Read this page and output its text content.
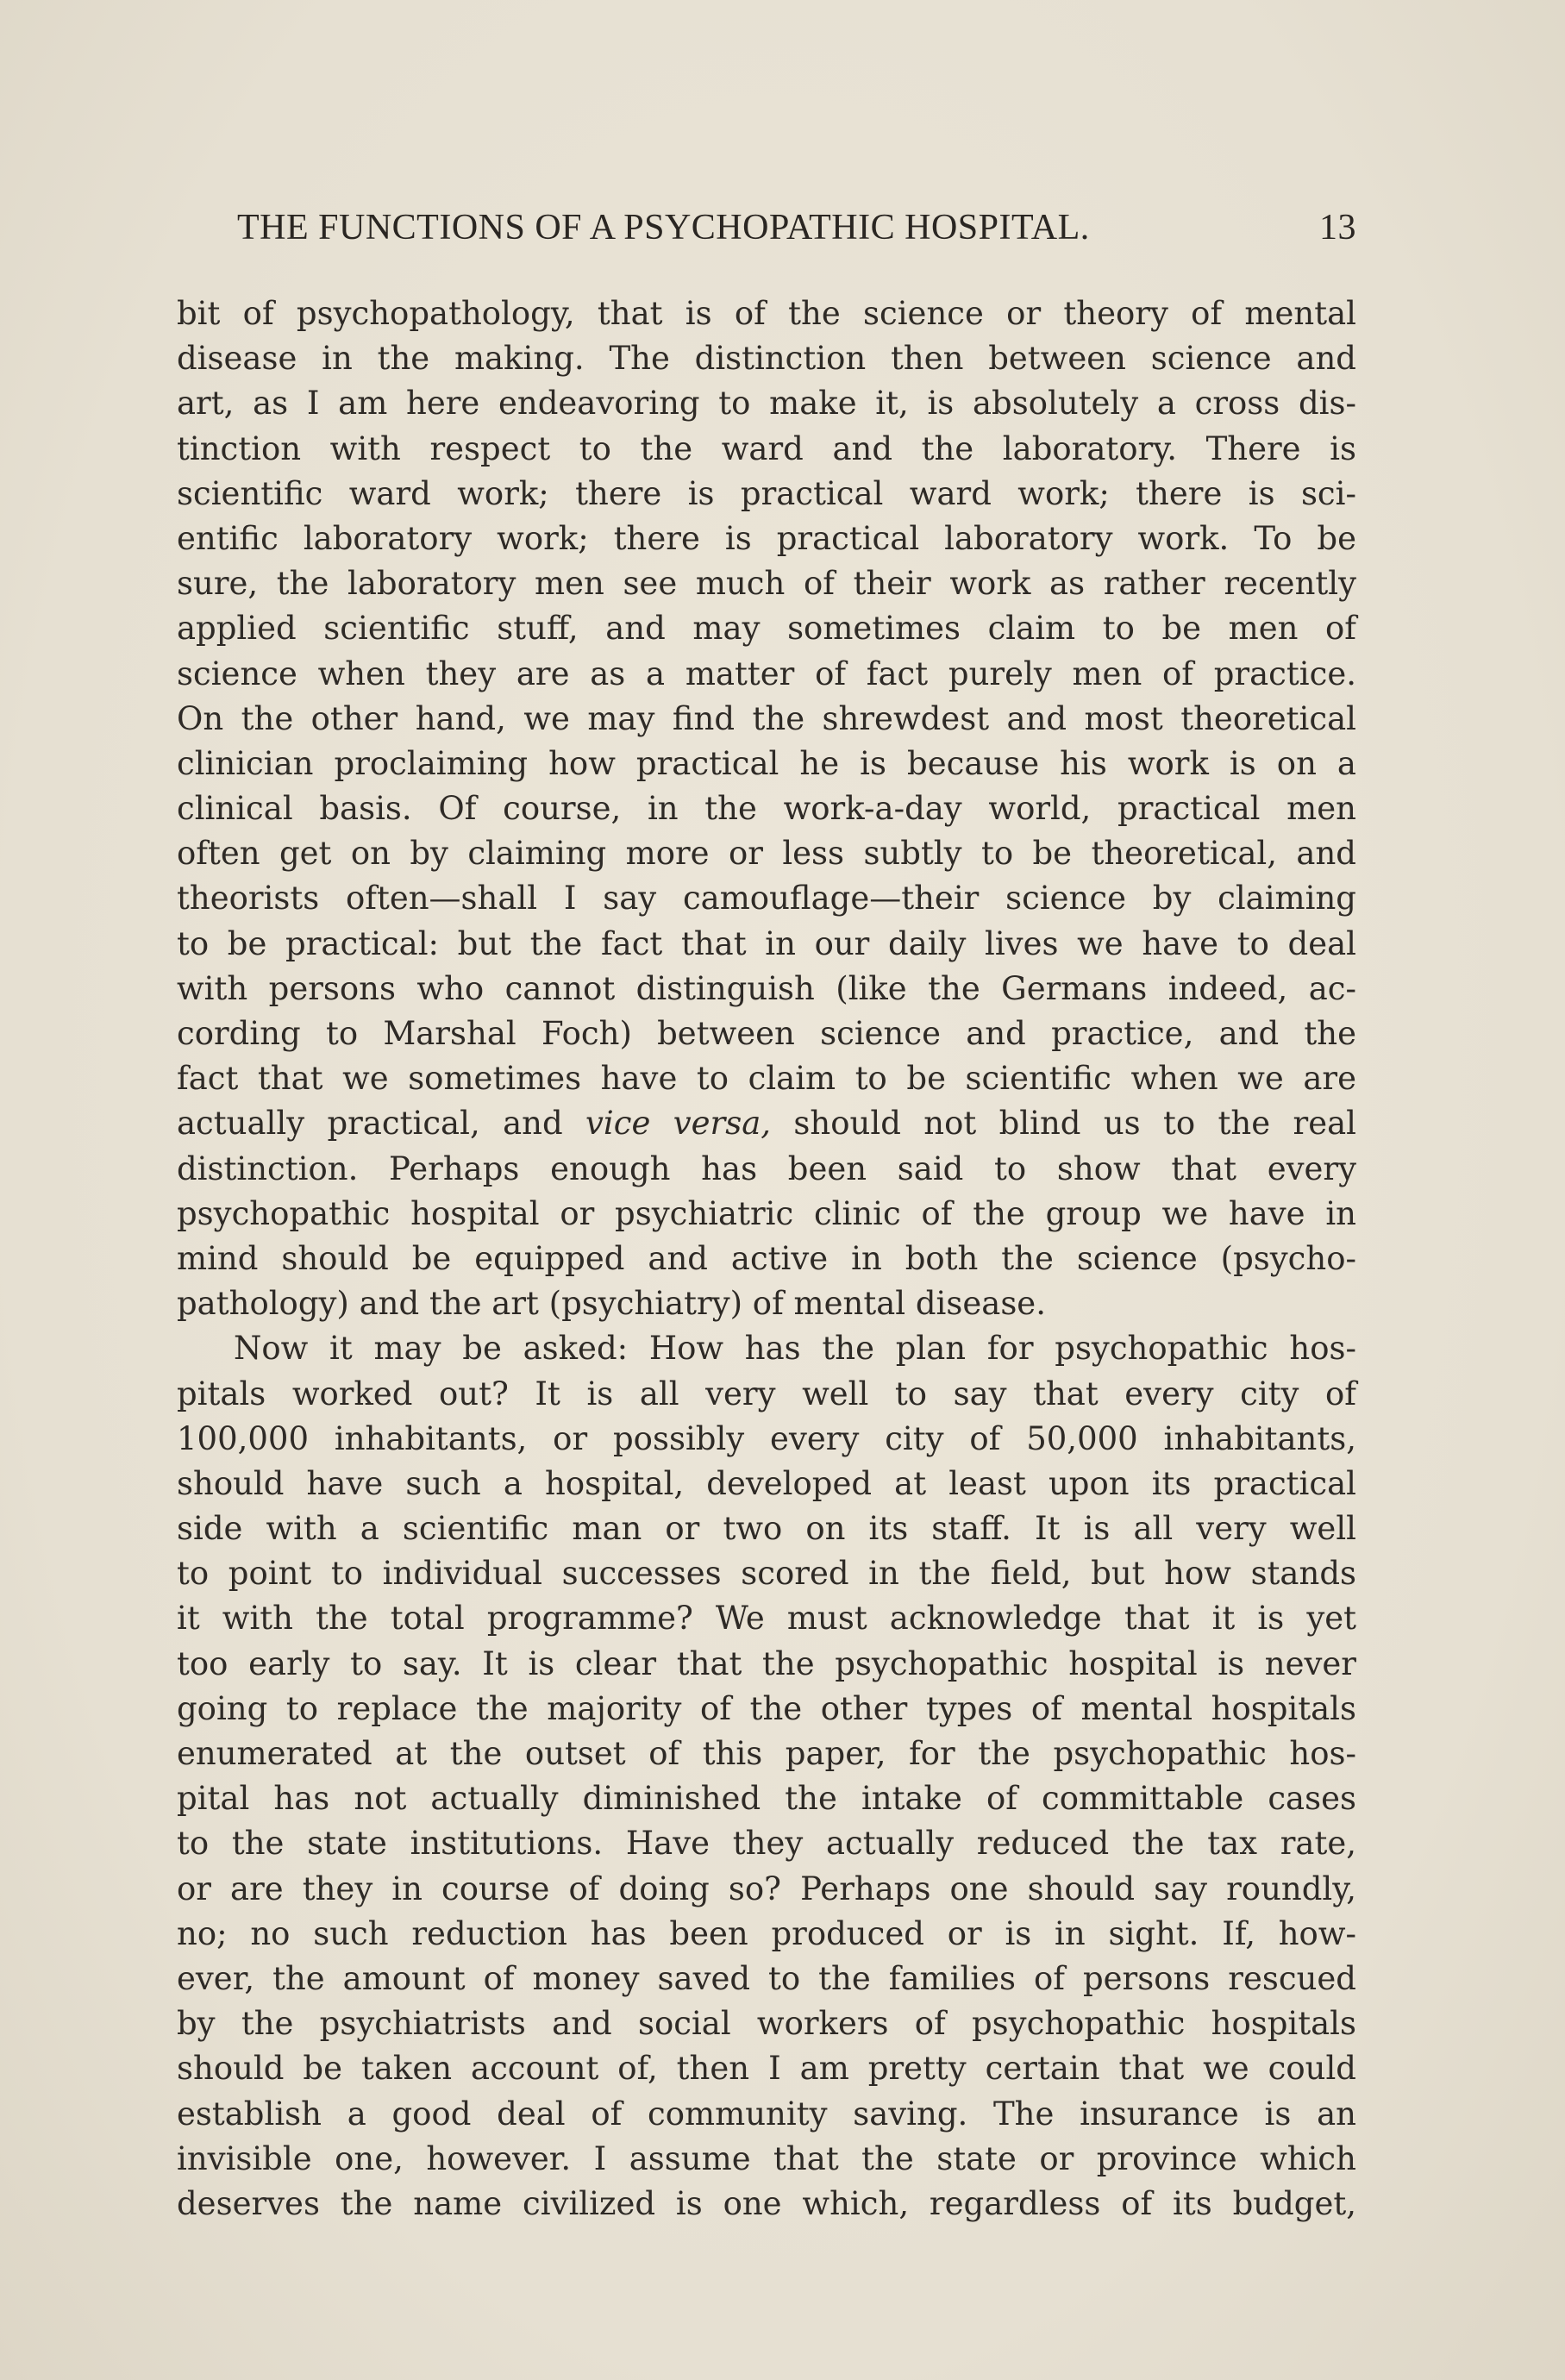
THE FUNCTIONS OF A PSYCHOPATHIC HOSPITAL.	13
bit of psychopathology, that is of the science or theory of mental
disease in the making. The distinction then between science and
art, as I am here endeavoring to make it, is absolutely a cross dis-
tinction with respect to the ward and the laboratory. There is
scientific ward work; there is practical ward work; there is sci-
entific laboratory work; there is practical laboratory work. To be
sure, the laboratory men see much of their work as rather recently
applied scientific stuff, and may sometimes claim to be men of
science when they are as a matter of fact purely men of practice.
On the other hand, we may find the shrewdest and most theoretical
clinician proclaiming how practical he is because his work is on a
clinical basis. Of course, in the work-a-day world, practical men
often get on by claiming more or less subtly to be theoretical, and
theorists often—shall I say camouflage—their science by claiming
to be practical: but the fact that in our daily lives we have to deal
with persons who cannot distinguish (like the Germans indeed, ac-
cording to Marshal Foch) between science and practice, and the
fact that we sometimes have to claim to be scientific when we are
actually practical, and vice versa, should not blind us to the real
distinction. Perhaps enough has been said to show that every
psychopathic hospital or psychiatric clinic of the group we have in
mind should be equipped and active in both the science (psycho-
pathology) and the art (psychiatry) of mental disease.
Now it may be asked: How has the plan for psychopathic hos-
pitals worked out? It is all very well to say that every city of
100,000 inhabitants, or possibly every city of 50,000 inhabitants,
should have such a hospital, developed at least upon its practical
side with a scientific man or two on its staff. It is all very well
to point to individual successes scored in the field, but how stands
it with the total programme? We must acknowledge that it is yet
too early to say. It is clear that the psychopathic hospital is never
going to replace the majority of the other types of mental hospitals
enumerated at the outset of this paper, for the psychopathic hos-
pital has not actually diminished the intake of committable cases
to the state institutions. Have they actually reduced the tax rate,
or are they in course of doing so? Perhaps one should say roundly,
no; no such reduction has been produced or is in sight. If, how-
ever, the amount of money saved to the families of persons rescued
by the psychiatrists and social workers of psychopathic hospitals
should be taken account of, then I am pretty certain that we could
establish a good deal of community saving. The insurance is an
invisible one, however. I assume that the state or province which
deserves the name civilized is one which, regardless of its budget,
